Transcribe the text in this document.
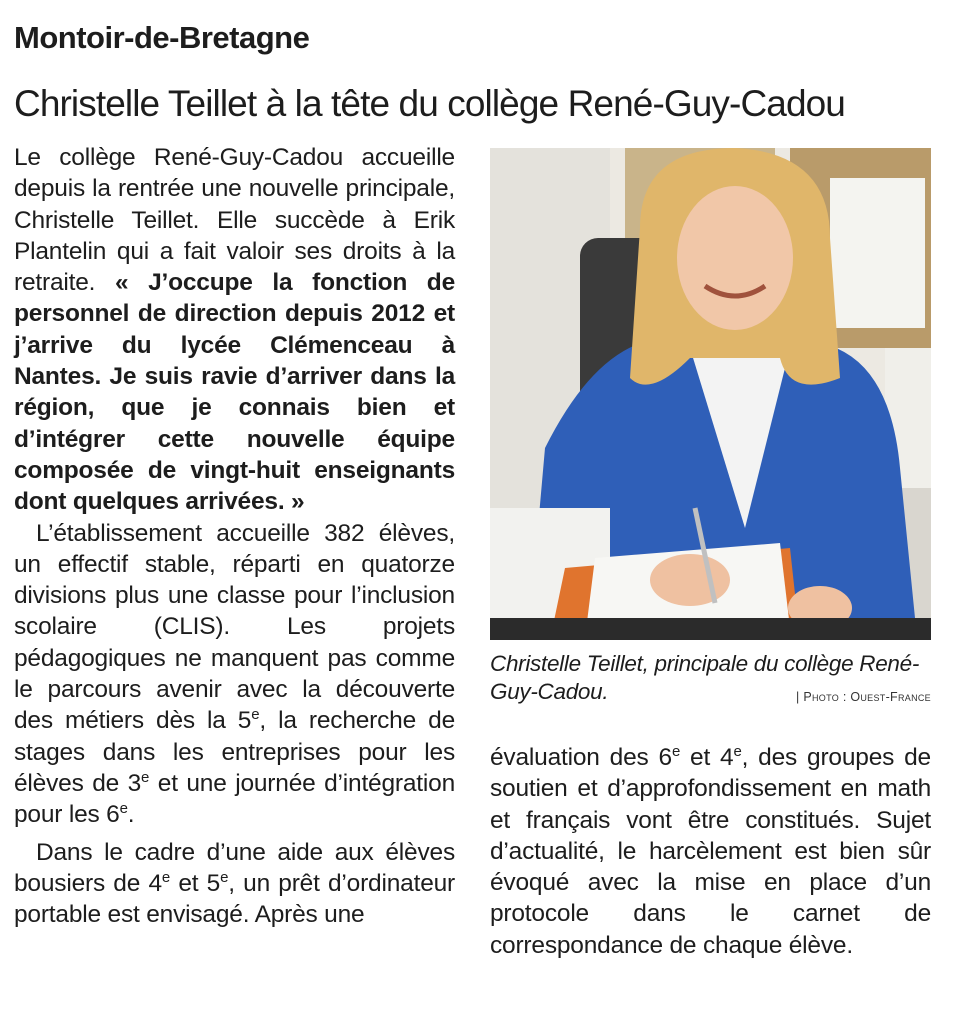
Montoir-de-Bretagne
Christelle Teillet à la tête du collège René-Guy-Cadou

Le collège René-Guy-Cadou accueille depuis la rentrée une nouvelle principale, Christelle Teillet. Elle succède à Erik Plantelin qui a fait valoir ses droits à la retraite. « J’occupe la fonction de personnel de direction depuis 2012 et j’arrive du lycée Clémenceau à Nantes. Je suis ravie d’arriver dans la région, que je connais bien et d’intégrer cette nouvelle équipe composée de vingt-huit enseignants dont quelques arrivées. »

L’établissement accueille 382 élèves, un effectif stable, réparti en quatorze divisions plus une classe pour l’inclusion scolaire (CLIS). Les projets pédagogiques ne manquent pas comme le parcours avenir avec la découverte des métiers dès la 5e, la recherche de stages dans les entreprises pour les élèves de 3e et une journée d’intégration pour les 6e.

Dans le cadre d’une aide aux élèves bousiers de 4e et 5e, un prêt d’ordinateur portable est envisagé. Après une

Christelle Teillet, principale du collège René-Guy-Cadou.	| Photo : Ouest-France

évaluation des 6e et 4e, des groupes de soutien et d’approfondissement en math et français vont être constitués. Sujet d’actualité, le harcèlement est bien sûr évoqué avec la mise en place d’un protocole dans le carnet de correspondance de chaque élève.
